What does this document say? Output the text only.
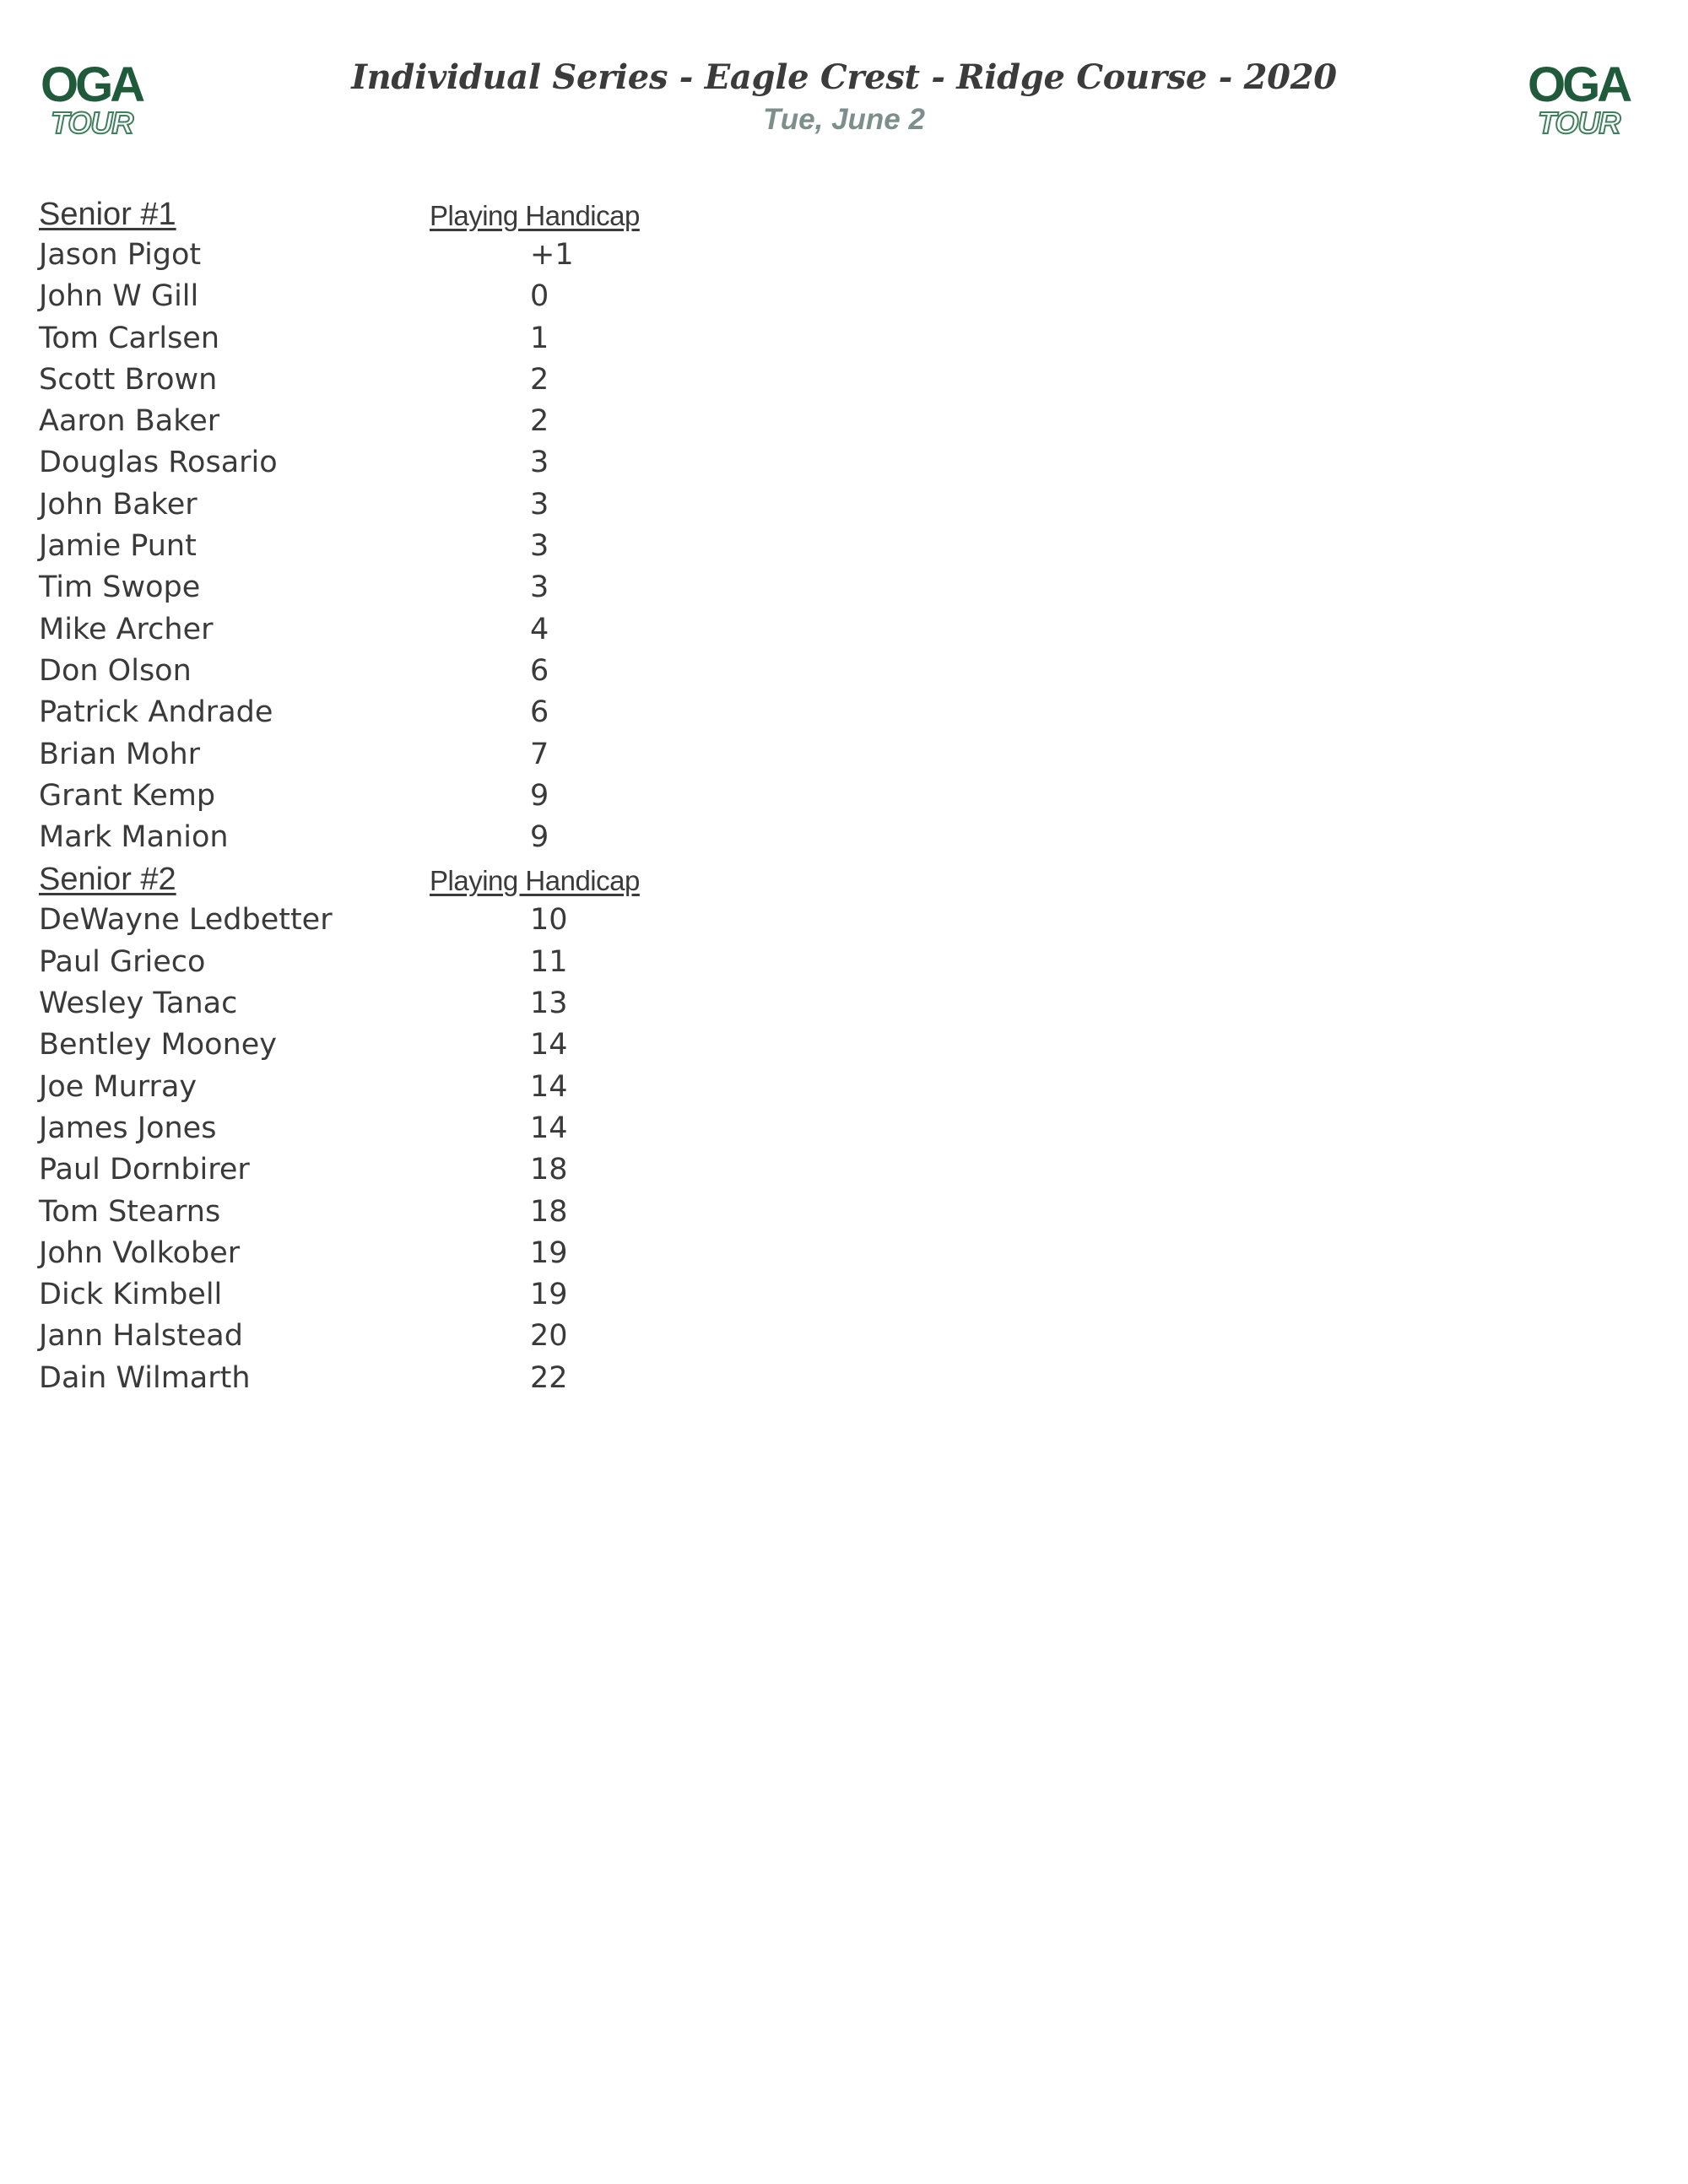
OGA
TOUR
OGA
TOUR
Individual Series - Eagle Crest - Ridge Course - 2020
Tue, June 2
Senior #1	Playing Handicap
Jason Pigot	+1
John W Gill	0
Tom Carlsen	1
Scott Brown	2
Aaron Baker	2
Douglas Rosario	3
John Baker	3
Jamie Punt	3
Tim Swope	3
Mike Archer	4
Don Olson	6
Patrick Andrade	6
Brian Mohr	7
Grant Kemp	9
Mark Manion	9
Senior #2	Playing Handicap
DeWayne Ledbetter	10
Paul Grieco	11
Wesley Tanac	13
Bentley Mooney	14
Joe Murray	14
James Jones	14
Paul Dornbirer	18
Tom Stearns	18
John Volkober	19
Dick Kimbell	19
Jann Halstead	20
Dain Wilmarth	22
